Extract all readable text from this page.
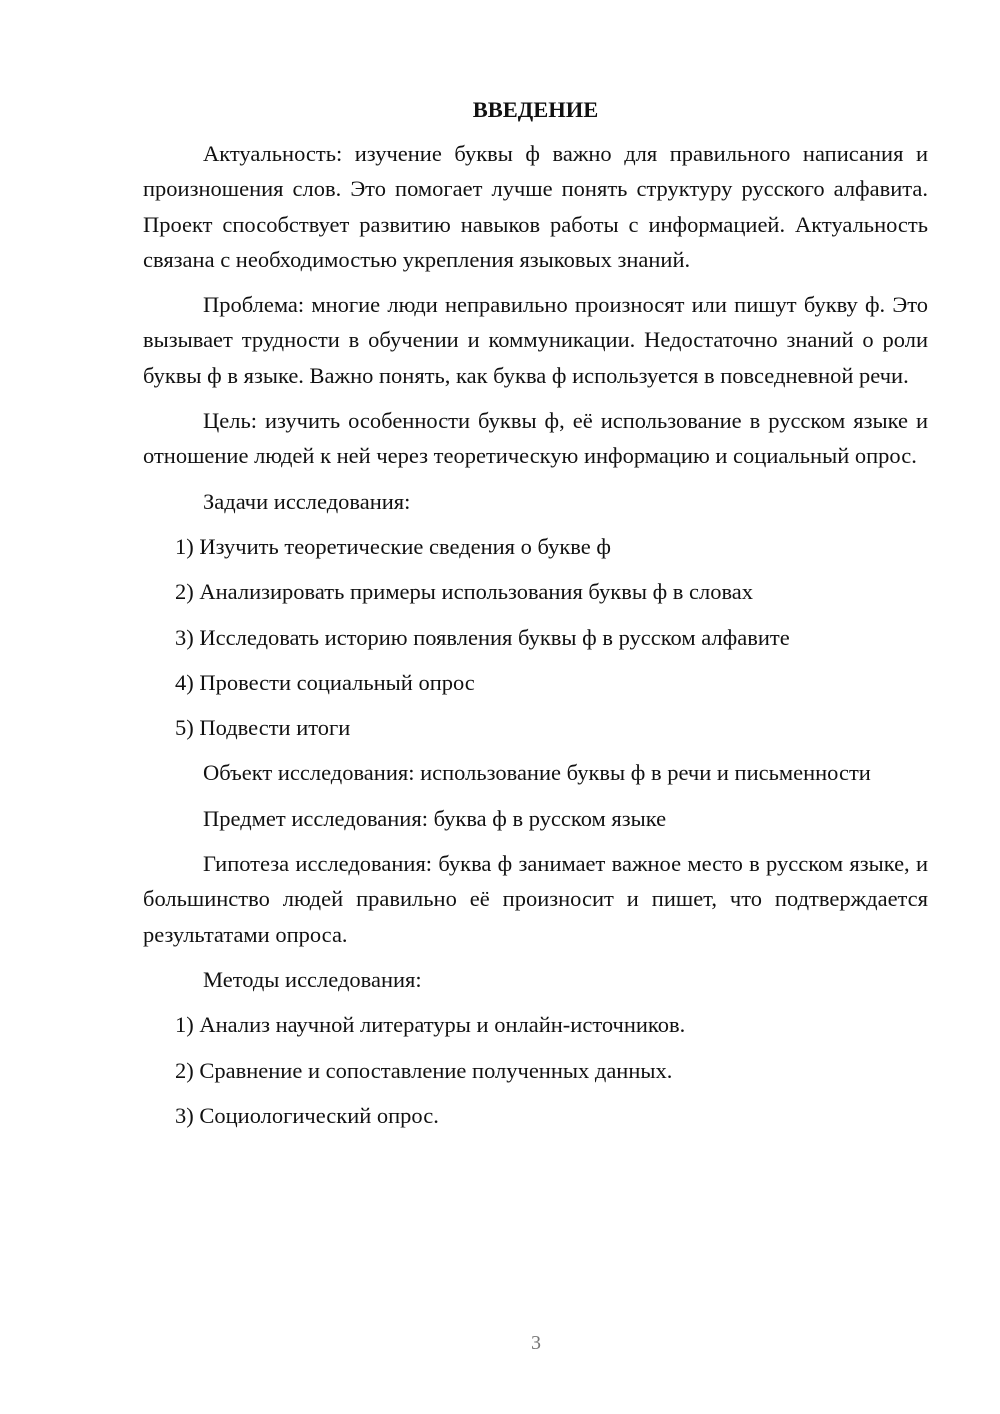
ВВЕДЕНИЕ
Актуальность: изучение буквы ф важно для правильного написания и произношения слов. Это помогает лучше понять структуру русского алфавита. Проект способствует развитию навыков работы с информацией. Актуальность связана с необходимостью укрепления языковых знаний.
Проблема: многие люди неправильно произносят или пишут букву ф. Это вызывает трудности в обучении и коммуникации. Недостаточно знаний о роли буквы ф в языке. Важно понять, как буква ф используется в повседневной речи.
Цель: изучить особенности буквы ф, её использование в русском языке и отношение людей к ней через теоретическую информацию и социальный опрос.
Задачи исследования:
1) Изучить теоретические сведения о букве ф
2) Анализировать примеры использования буквы ф в словах
3) Исследовать историю появления буквы ф в русском алфавите
4) Провести социальный опрос
5) Подвести итоги
Объект исследования: использование буквы ф в речи и письменности
Предмет исследования: буква ф в русском языке
Гипотеза исследования: буква ф занимает важное место в русском языке, и большинство людей правильно её произносит и пишет, что подтверждается результатами опроса.
Методы исследования:
1) Анализ научной литературы и онлайн-источников.
2) Сравнение и сопоставление полученных данных.
3) Социологический опрос.
3
